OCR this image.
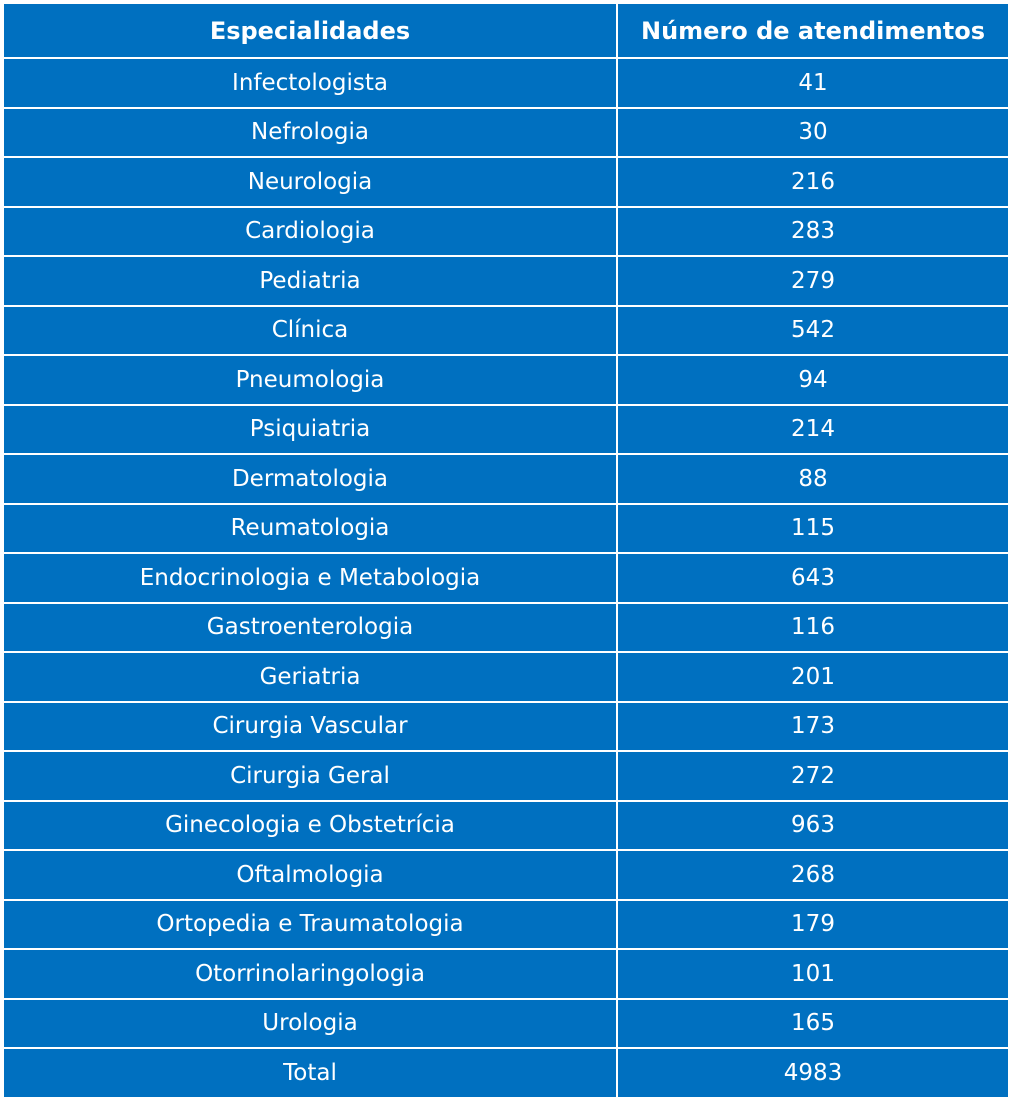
Especialidades	Número de atendimentos
Infectologista	41
Nefrologia	30
Neurologia	216
Cardiologia	283
Pediatria	279
Clínica	542
Pneumologia	94
Psiquiatria	214
Dermatologia	88
Reumatologia	115
Endocrinologia e Metabologia	643
Gastroenterologia	116
Geriatria	201
Cirurgia Vascular	173
Cirurgia Geral	272
Ginecologia e Obstetrícia	963
Oftalmologia	268
Ortopedia e Traumatologia	179
Otorrinolaringologia	101
Urologia	165
Total	4983
